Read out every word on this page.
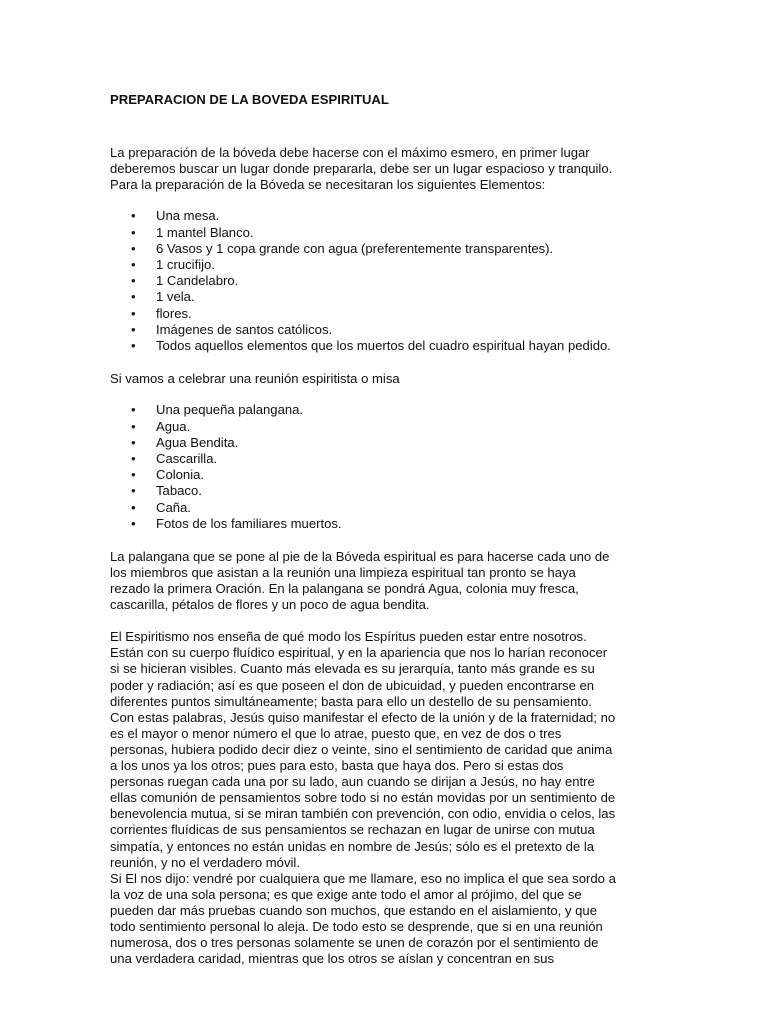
PREPARACION DE LA BOVEDA ESPIRITUAL

La preparación de la bóveda debe hacerse con el máximo esmero, en primer lugar
deberemos buscar un lugar donde prepararla, debe ser un lugar espacioso y tranquilo.
Para la preparación de la Bóveda se necesitaran los siguientes Elementos:

• Una mesa.
• 1 mantel Blanco.
• 6 Vasos y 1 copa grande con agua (preferentemente transparentes).
• 1 crucifijo.
• 1 Candelabro.
• 1 vela.
• flores.
• Imágenes de santos católicos.
• Todos aquellos elementos que los muertos del cuadro espiritual hayan pedido.

Si vamos a celebrar una reunión espiritista o misa

• Una pequeña palangana.
• Agua.
• Agua Bendita.
• Cascarilla.
• Colonia.
• Tabaco.
• Caña.
• Fotos de los familiares muertos.

La palangana que se pone al pie de la Bóveda espiritual es para hacerse cada uno de
los miembros que asistan a la reunión una limpieza espiritual tan pronto se haya
rezado la primera Oración. En la palangana se pondrá Agua, colonia muy fresca,
cascarilla, pétalos de flores y un poco de agua bendita.

El Espiritismo nos enseña de qué modo los Espíritus pueden estar entre nosotros.
Están con su cuerpo fluídico espiritual, y en la apariencia que nos lo harían reconocer
si se hicieran visibles. Cuanto más elevada es su jerarquía, tanto más grande es su
poder y radiación; así es que poseen el don de ubicuidad, y pueden encontrarse en
diferentes puntos simultáneamente; basta para ello un destello de su pensamiento.
Con estas palabras, Jesús quiso manifestar el efecto de la unión y de la fraternidad; no
es el mayor o menor número el que lo atrae, puesto que, en vez de dos o tres
personas, hubiera podido decir diez o veinte, sino el sentimiento de caridad que anima
a los unos ya los otros; pues para esto, basta que haya dos. Pero si estas dos
personas ruegan cada una por su lado, aun cuando se dirijan a Jesús, no hay entre
ellas comunión de pensamientos sobre todo si no están movidas por un sentimiento de
benevolencia mutua, si se miran también con prevención, con odio, envidia o celos, las
corrientes fluídicas de sus pensamientos se rechazan en lugar de unirse con mutua
simpatía, y entonces no están unidas en nombre de Jesús; sólo es el pretexto de la
reunión, y no el verdadero móvil.
Si El nos dijo: vendré por cualquiera que me llamare, eso no implica el que sea sordo a
la voz de una sola persona; es que exige ante todo el amor al prójimo, del que se
pueden dar más pruebas cuando son muchos, que estando en el aislamiento, y que
todo sentimiento personal lo aleja. De todo esto se desprende, que si en una reunión
numerosa, dos o tres personas solamente se unen de corazón por el sentimiento de
una verdadera caridad, mientras que los otros se aíslan y concentran en sus
